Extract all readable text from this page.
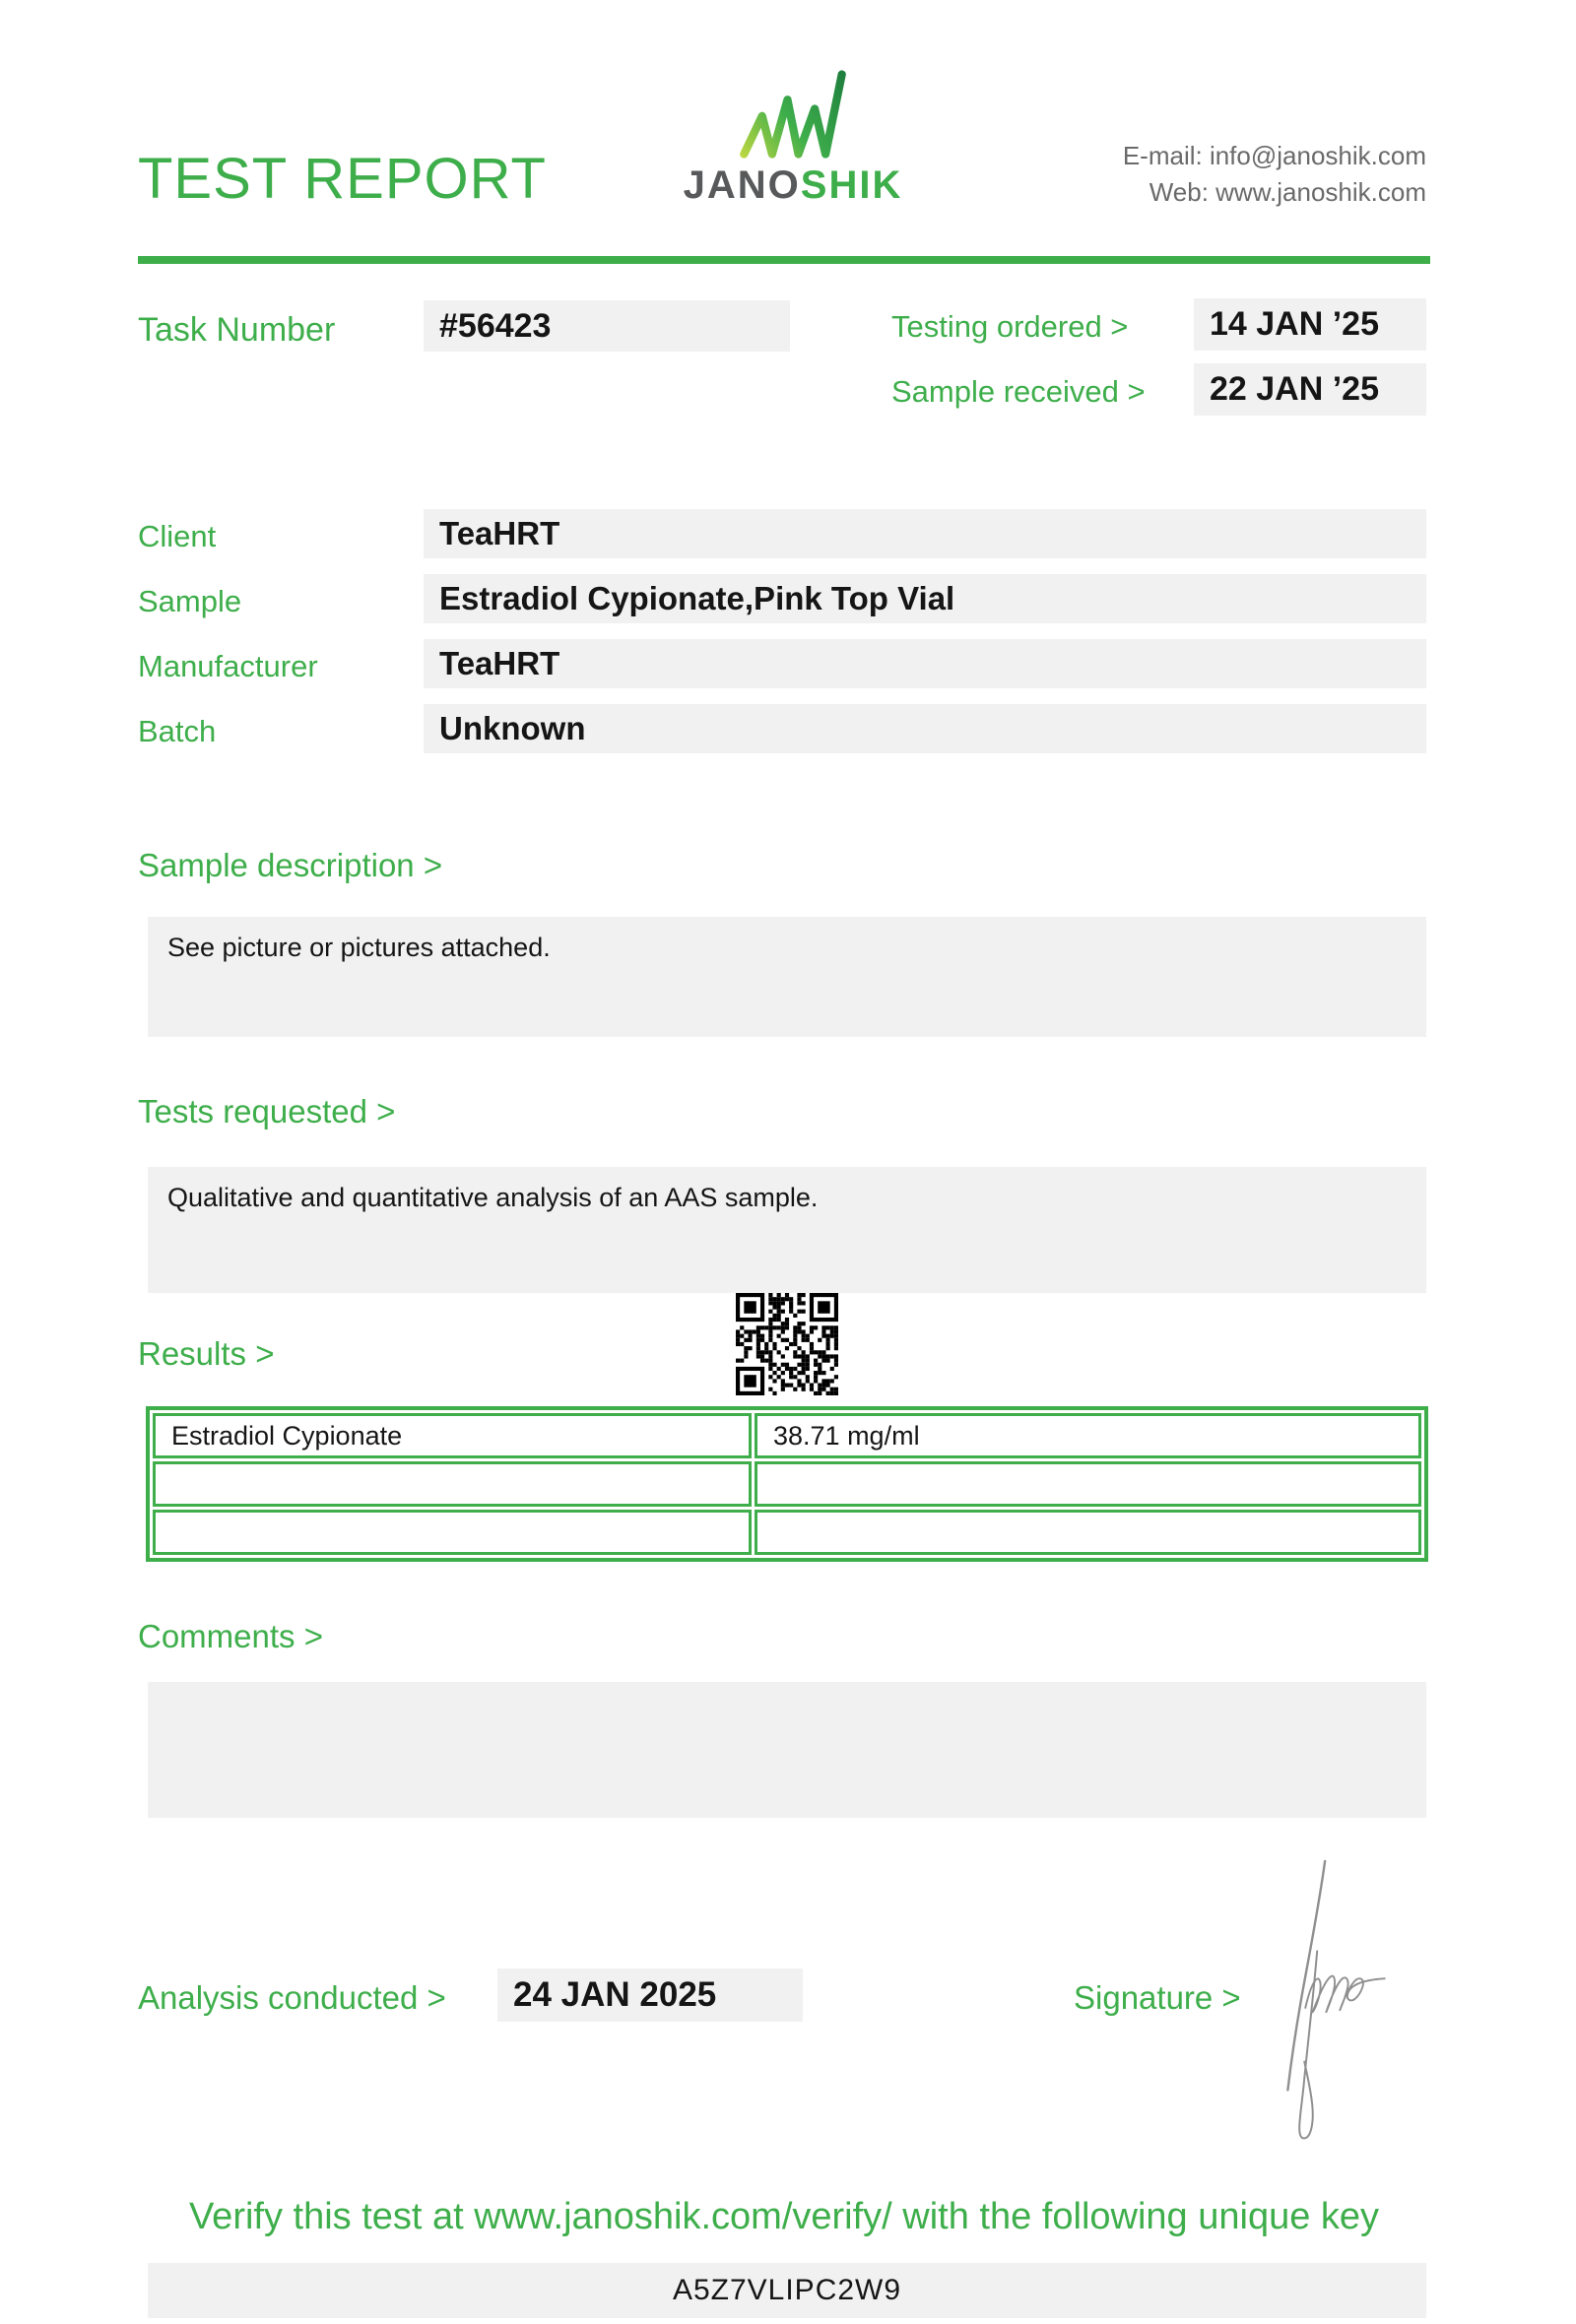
TEST REPORT	JANOSHIK
E-mail: info@janoshik.com
Web: www.janoshik.com
Task Number	#56423	Testing ordered >	14 JAN ’25
Sample received >	22 JAN ’25
Client	TeaHRT
Sample	Estradiol Cypionate,Pink Top Vial
Manufacturer	TeaHRT
Batch	Unknown
Sample description >
See picture or pictures attached.
Tests requested >
Qualitative and quantitative analysis of an AAS sample.
Results >
Estradiol Cypionate	38.71 mg/ml

Comments >
Analysis conducted >	24 JAN 2025	Signature >
Verify this test at www.janoshik.com/verify/ with the following unique key
A5Z7VLIPC2W9
